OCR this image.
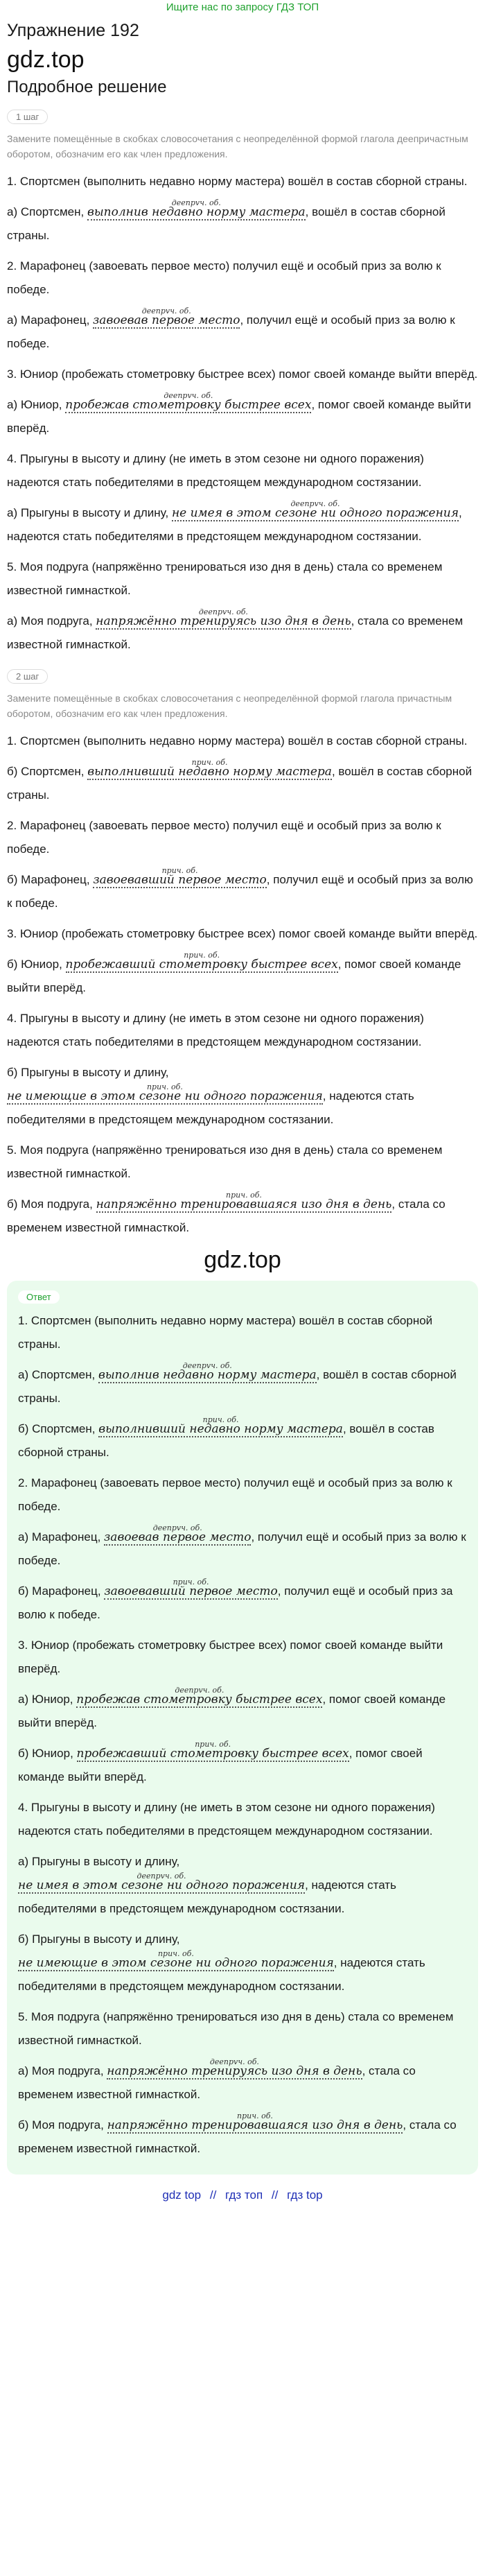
Ищите нас по запросу ГДЗ ТОП
Упражнение 192
gdz.top
Подробное решение
1 шаг
Замените помещённые в скобках словосочетания с неопределённой формой глагола деепричастным оборотом, обозначим его как член предложения.

1. Спортсмен (выполнить недавно норму мастера) вошёл в состав сборной страны.

а) Спортсмен, деепрvч. об. выполнив недавно норму мастера, вошёл в состав сборной страны.

2. Марафонец (завоевать первое место) получил ещё и особый приз за волю к победе.

а) Марафонец, деепрvч. об. завоевав первое место, получил ещё и особый приз за волю к победе.

3. Юниор (пробежать стометровку быстрее всех) помог своей команде выйти вперёд.

а) Юниор, деепрvч. об. пробежав стометровку быстрее всех, помог своей команде выйти вперёд.

4. Прыгуны в высоту и длину (не иметь в этом сезоне ни одного поражения) надеются стать победителями в предстоящем международном состязании.

а) Прыгуны в высоту и длину, деепрvч. об. не имея в этом сезоне ни одного поражения, надеются стать победителями в предстоящем международном состязании.

5. Моя подруга (напряжённо тренироваться изо дня в день) стала со временем известной гимнасткой.

а) Моя подруга, деепрvч. об. напряжённо тренируясь изо дня в день, стала со временем известной гимнасткой.

2 шаг
Замените помещённые в скобках словосочетания с неопределённой формой глагола причастным оборотом, обозначим его как член предложения.

1. Спортсмен (выполнить недавно норму мастера) вошёл в состав сборной страны.

б) Спортсмен, прич. об. выполнивший недавно норму мастера, вошёл в состав сборной страны.

2. Марафонец (завоевать первое место) получил ещё и особый приз за волю к победе.

б) Марафонец, прич. об. завоевавший первое место, получил ещё и особый приз за волю к победе.

3. Юниор (пробежать стометровку быстрее всех) помог своей команде выйти вперёд.

б) Юниор, прич. об. пробежавший стометровку быстрее всех, помог своей команде выйти вперёд.

4. Прыгуны в высоту и длину (не иметь в этом сезоне ни одного поражения) надеются стать победителями в предстоящем международном состязании.

б) Прыгуны в высоту и длину, прич. об. не имеющие в этом сезоне ни одного поражения, надеются стать победителями в предстоящем международном состязании.

5. Моя подруга (напряжённо тренироваться изо дня в день) стала со временем известной гимнасткой.

б) Моя подруга, прич. об. напряжённо тренировавшаяся изо дня в день, стала со временем известной гимнасткой.

gdz.top
Ответ

1. Спортсмен (выполнить недавно норму мастера) вошёл в состав сборной страны.

а) Спортсмен, деепрvч. об. выполнив недавно норму мастера, вошёл в состав сборной страны.

б) Спортсмен, прич. об. выполнивший недавно норму мастера, вошёл в состав сборной страны.

2. Марафонец (завоевать первое место) получил ещё и особый приз за волю к победе.

а) Марафонец, деепрvч. об. завоевав первое место, получил ещё и особый приз за волю к победе.

б) Марафонец, прич. об. завоевавший первое место, получил ещё и особый приз за волю к победе.

3. Юниор (пробежать стометровку быстрее всех) помог своей команде выйти вперёд.

а) Юниор, деепрvч. об. пробежав стометровку быстрее всех, помог своей команде выйти вперёд.

б) Юниор, прич. об. пробежавший стометровку быстрее всех, помог своей команде выйти вперёд.

4. Прыгуны в высоту и длину (не иметь в этом сезоне ни одного поражения) надеются стать победителями в предстоящем международном состязании.

а) Прыгуны в высоту и длину, деепрvч. об. не имея в этом сезоне ни одного поражения, надеются стать победителями в предстоящем международном состязании.

б) Прыгуны в высоту и длину, прич. об. не имеющие в этом сезоне ни одного поражения, надеются стать победителями в предстоящем международном состязании.

5. Моя подруга (напряжённо тренироваться изо дня в день) стала со временем известной гимнасткой.

а) Моя подруга, деепрvч. об. напряжённо тренируясь изо дня в день, стала со временем известной гимнасткой.

б) Моя подруга, прич. об. напряжённо тренировавшаяся изо дня в день, стала со временем известной гимнасткой.

gdz top // гдз топ // гдз top
